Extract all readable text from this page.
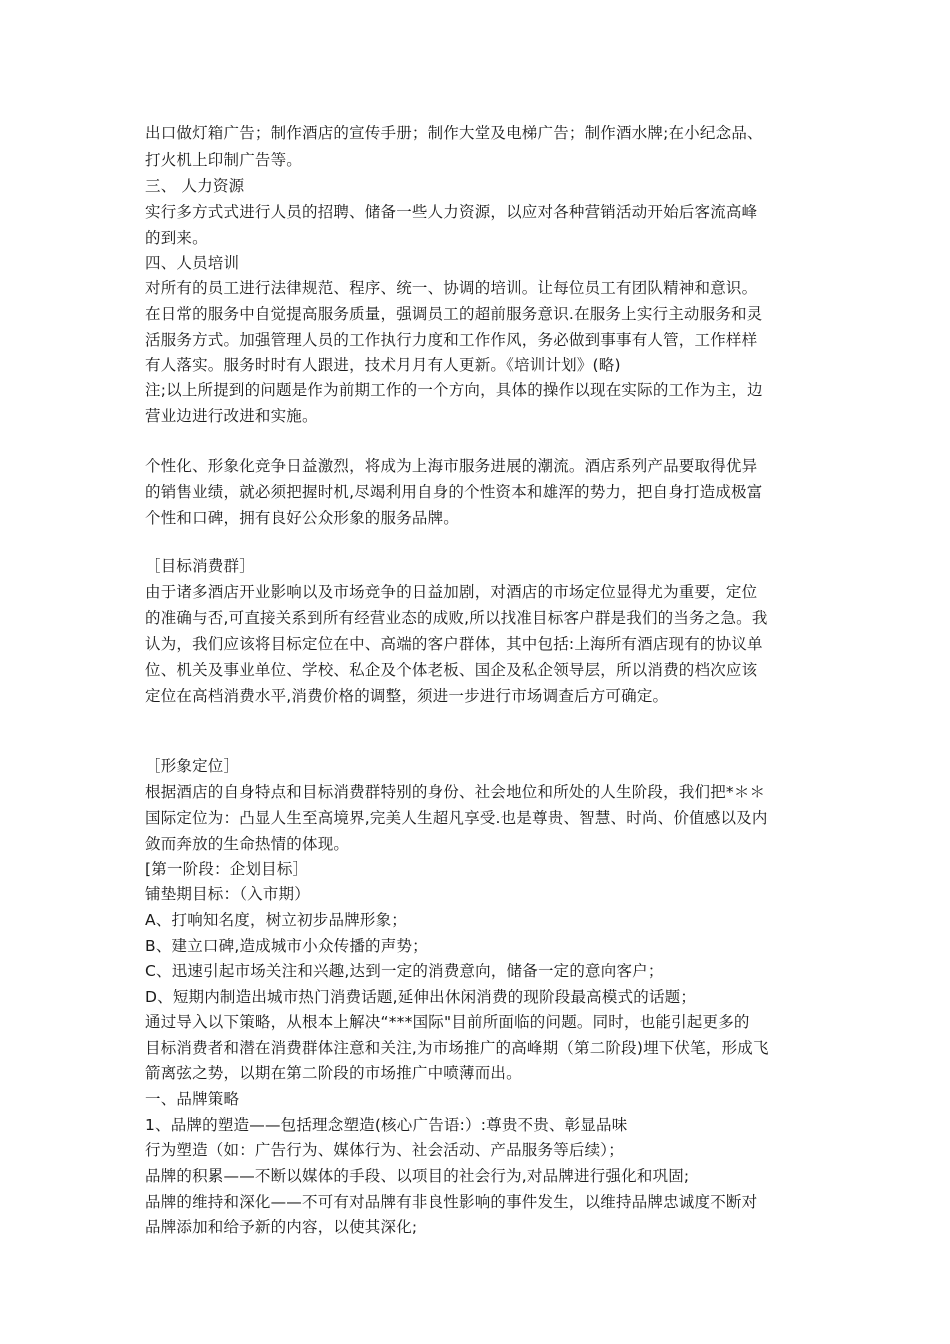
出口做灯箱广告；制作酒店的宣传手册；制作大堂及电梯广告；制作酒水牌;在小纪念品、
打火机上印制广告等。
三、 人力资源
实行多方式式进行人员的招聘、储备一些人力资源，以应对各种营销活动开始后客流高峰
的到来。
四、人员培训
对所有的员工进行法律规范、程序、统一、协调的培训。让每位员工有团队精神和意识。
在日常的服务中自觉提高服务质量，强调员工的超前服务意识.在服务上实行主动服务和灵
活服务方式。加强管理人员的工作执行力度和工作作风，务必做到事事有人管，工作样样
有人落实。服务时时有人跟进，技术月月有人更新。《培训计划》(略)
注;以上所提到的问题是作为前期工作的一个方向，具体的操作以现在实际的工作为主，边
营业边进行改进和实施。
个性化、形象化竞争日益激烈，将成为上海市服务进展的潮流。酒店系列产品要取得优异
的销售业绩，就必须把握时机,尽竭利用自身的个性资本和雄浑的势力，把自身打造成极富
个性和口碑，拥有良好公众形象的服务品牌。
［目标消费群］
由于诸多酒店开业影响以及市场竞争的日益加剧，对酒店的市场定位显得尤为重要，定位
的准确与否,可直接关系到所有经营业态的成败,所以找准目标客户群是我们的当务之急。我
认为，我们应该将目标定位在中、高端的客户群体，其中包括:上海所有酒店现有的协议单
位、机关及事业单位、学校、私企及个体老板、国企及私企领导层，所以消费的档次应该
定位在高档消费水平,消费价格的调整，须进一步进行市场调查后方可确定。
［形象定位］
根据酒店的自身特点和目标消费群特别的身份、社会地位和所处的人生阶段，我们把*＊＊
国际定位为：凸显人生至高境界,完美人生超凡享受.也是尊贵、智慧、时尚、价值感以及内
敛而奔放的生命热情的体现。
[第一阶段：企划目标］
铺垫期目标：（入市期）
A、打响知名度，树立初步品牌形象；
B、建立口碑,造成城市小众传播的声势；
C、迅速引起市场关注和兴趣,达到一定的消费意向，储备一定的意向客户；
D、短期内制造出城市热门消费话题,延伸出休闲消费的现阶段最高模式的话题；
通过导入以下策略，从根本上解决“***国际"目前所面临的问题。同时，也能引起更多的
目标消费者和潜在消费群体注意和关注,为市场推广的高峰期（第二阶段)埋下伏笔，形成飞
箭离弦之势，以期在第二阶段的市场推广中喷薄而出。
一、品牌策略
1、品牌的塑造——包括理念塑造(核心广告语:）:尊贵不贵、彰显品味
行为塑造（如：广告行为、媒体行为、社会活动、产品服务等后续）；
品牌的积累——不断以媒体的手段、以项目的社会行为,对品牌进行强化和巩固;
品牌的维持和深化——不可有对品牌有非良性影响的事件发生，以维持品牌忠诚度不断对
品牌添加和给予新的内容，以使其深化;
